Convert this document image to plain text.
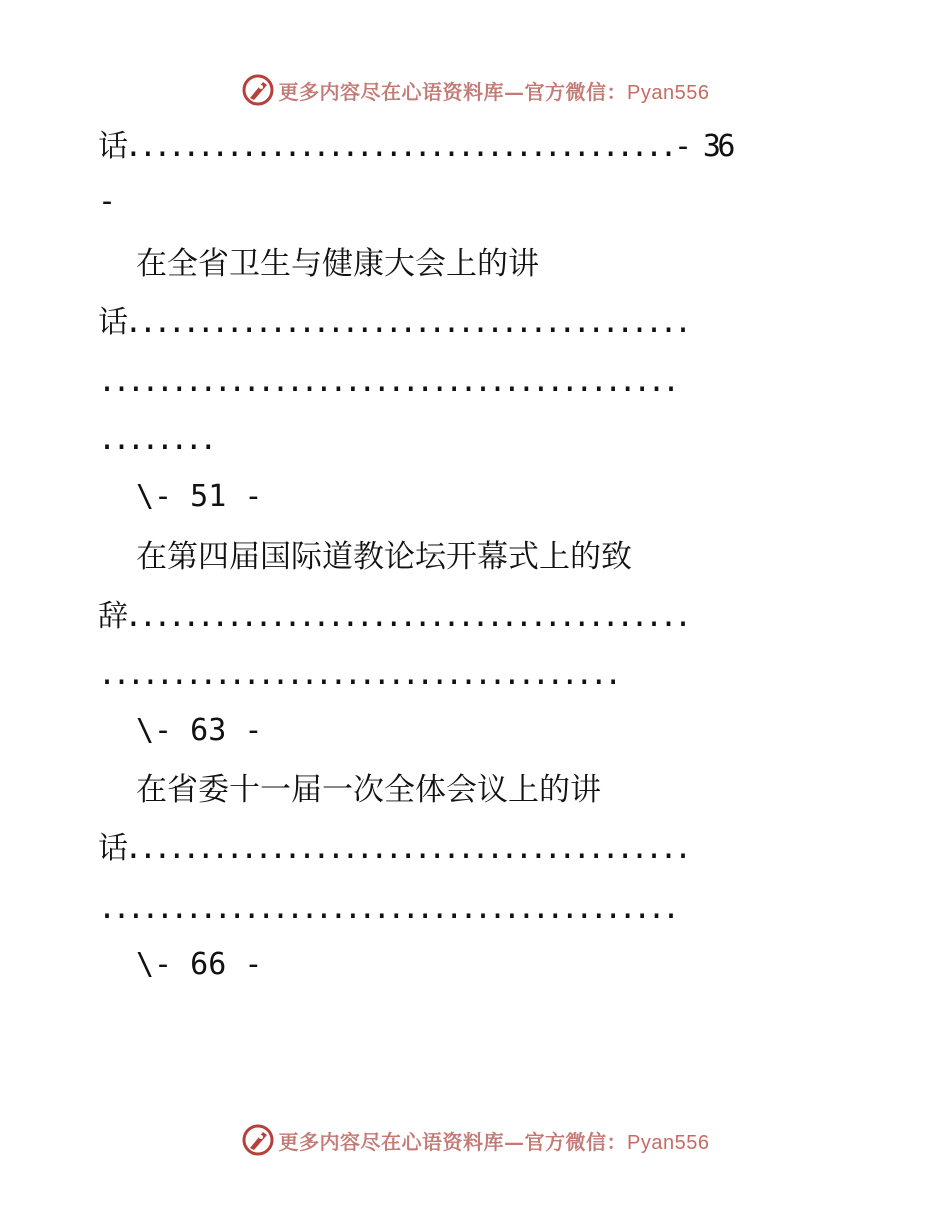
更多内容尽在心语资料库—官方微信：Pyan556
话......................................- 36
-
在全省卫生与健康大会上的讲
话.......................................
........................................
........
\- 51 -
在第四届国际道教论坛开幕式上的致
辞.......................................
....................................
\- 63 -
在省委十一届一次全体会议上的讲
话.......................................
........................................
\- 66 -
更多内容尽在心语资料库—官方微信：Pyan556
